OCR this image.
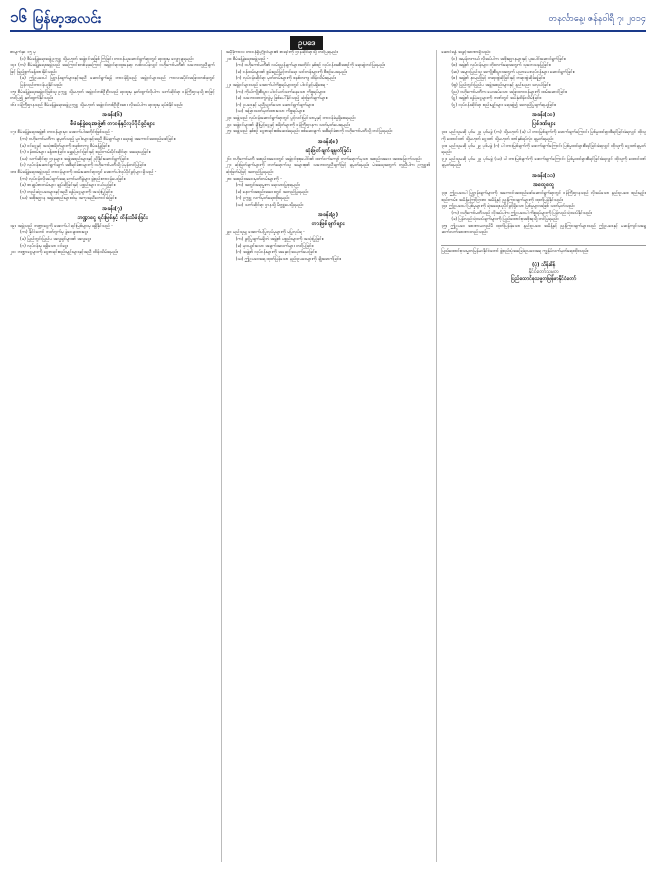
၁၆ မြန်မာ့အလင်း	တနင်္လာနေ့၊ ဇန်နဝါရီ ၇၊ ၂၀၁၄
ဥပဒေ

စာမျက်နှာ ၁၅ မှ

(င) စီမံခန့်ခွဲရေးအဖွဲ့ဥက္ကဋ္ဌ သို့မဟုတ် အဖွဲ့ဝင်အဖြစ် ကြံခြင်း တာဝန်ယူဆောင်ရွက်ရာတွင် ရာထူးမှ လျှော့ချရမည်။

၁၄။ (က) စီမံခန့်ခွဲရေးအဖွဲ့သည် အကြောင်းတစ်ခုခုကြောင့် အဖွဲ့ဝင်ရာထူးနေရာ လစ်လပ်ခဲ့လျှင် ဗဟိုကော်မတီ၏ သဘောတူညီချက်ဖြင့် ဖြည့်စွက်ခန့်ထားနိုင်သည်။

(ခ) ဤဥပဒေပါ ပြဋ္ဌာန်းချက်များနှင့်အညီ ဆောင်ရွက်ရန် တာဝန်ရှိသည့် အဖွဲ့ဝင်များသည် ကာလအပိုင်းအခြားတစ်ခုတွင် ပြန်လည်တာဝန်ယူနိုင်သည်။

၁၅။ စီမံခန့်ခွဲရေးအဖွဲ့ဝင်ဖြစ်သူ ဥက္ကဋ္ဌ သို့မဟုတ် အဖွဲ့ဝင်တစ်ဦးဦးသည် ရာထူးမှ နုတ်ထွက်လိုပါက သက်ဆိုင်ရာ ဝန်ကြီးဌာနသို့ စာဖြင့် တင်ပြ၍ နုတ်ထွက်နိုင်သည်။

၁၆။ ဝန်ကြီးဌာနသည် စီမံခန့်ခွဲရေးအဖွဲ့ဥက္ကဋ္ဌ သို့မဟုတ် အဖွဲ့ဝင်တစ်ဦးဦးအား လိုအပ်ပါက ရာထူးမှ ရပ်စဲနိုင်သည်။

အခန်း(၆)
စီမံခန့်ခွဲရေးအဖွဲ့၏ တာဝန်နှင့်လုပ်ပိုင်ခွင့်များ

၁၇။ စီမံခန့်ခွဲရေးအဖွဲ့၏ တာဝန်များမှာ အောက်ပါအတိုင်းဖြစ်သည် -

(က) ဗဟိုကော်မတီက ချမှတ်သည့် မူဝါဒများနှင့်အညီ စီမံချက်များ ရေးဆွဲ အကောင်အထည်ဖော်ခြင်း။

(ခ) ဝင်ငွေနှင့် အသုံးစရိတ်များကို စနစ်တကျ စီမံခန့်ခွဲခြင်း။

(ဂ) ဝန်ထမ်းများ ခန့်ထားခြင်း၊ ရွှေ့ပြောင်းခြင်းနှင့် စည်းကမ်းပိုင်းဆိုင်ရာ အရေးယူခြင်း။

(ဃ) သက်ဆိုင်ရာ ဌာနများ၊ အဖွဲ့အစည်းများနှင့် ညှိနှိုင်းဆောင်ရွက်ခြင်း။

(င) လုပ်ငန်းဆောင်ရွက်ချက် အစီရင်ခံစာများကို ဗဟိုကော်မတီသို့ ပုံမှန်တင်ပြခြင်း။

၁၈။ စီမံခန့်ခွဲရေးအဖွဲ့သည် တာဝန်များကို ထမ်းဆောင်ရာတွင် အောက်ပါလုပ်ပိုင်ခွင့်များ ရှိသည် -

(က) လုပ်ငန်းလိုအပ်ချက်အရ ကော်မတီခွဲများ ဖွဲ့စည်းတာဝန်ပေးခြင်း။

(ခ) စာချုပ်စာတမ်းများ ချုပ်ဆိုခြင်းနှင့် ပစ္စည်းများ ဝယ်ယူခြင်း။

(ဂ) တည်ဆဲဥပဒေများနှင့်အညီ ရန်ပုံငွေများကို အသုံးပြုခြင်း။

(ဃ) အစိုးရဌာန အဖွဲ့အစည်းများထံမှ အကူအညီတောင်းခံခြင်း။

အခန်း(၇)
ဘဏ္ဍာငွေ ရင်းမြစ်နှင့် ထိန်းသိမ်းခြင်း

၁၉။ အဖွဲ့သည် ဘဏ္ဍာငွေကို အောက်ပါ ရင်းမြစ်များမှ ရရှိနိုင်သည် -

(က) နိုင်ငံတော် ဘတ်ဂျက်မှ ခွဲဝေချထားငွေ။

(ခ) ပြည်တွင်းပြည်ပ အလှူရှင်များ၏ အလှူငွေ။

(ဂ) လုပ်ငန်းမှ ရရှိသော ဝင်ငွေ။

၂၀။ ဘဏ္ဍာငွေများကို ငွေစာရင်းစည်းမျဉ်းများနှင့်အညီ ထိန်းသိမ်းရမည်။

အမှီခိုကာလ တာဝန်ရှိပုဂ္ဂိုလ်များ၏ စာရင်းကို ဌာနဆိုင်ရာသို့ တင်ပြရမည်။

၂၁။ စီမံခန့်ခွဲရေးအဖွဲ့သည် -

(က) ဗဟိုကော်မတီ၏ လမ်းညွှန်ချက်များအတိုင်း နှစ်စဉ် လုပ်ငန်းအစီအစဉ်ကို ရေးဆွဲတင်ပြရမည်။

(ခ) ဝန်ထမ်းများ၏ စွမ်းရည်မြှင့်တင်ရေး သင်တန်းများကို စီစဉ်ပေးရမည်။

(ဂ) လုပ်ငန်းဆိုင်ရာ မှတ်တမ်းများကို စနစ်တကျ ထိန်းသိမ်းရမည်။

၂၂။ အဖွဲ့ဝင်များသည် အောက်ပါကိစ္စရပ်များတွင် ပါဝင်ခွင့်မရှိစေရ -

(က) ကိုယ်ကျိုးစီးပွား ပါဝင်ပတ်သက်နေသော ကိစ္စရပ်များ။

(ခ) သဘောထားကွဲလွဲမှု ဖြစ်ပေါ်နိုင်သည့် ဆုံးဖြတ်ချက်များ။

(ဂ) ဥပဒေနှင့် မညီညွတ်သော ဆောင်ရွက်ချက်များ။

(ဃ) အခြားသတ်မှတ်ထားသော ကိစ္စရပ်များ။

၂၃။ အဖွဲ့သည် လုပ်ငန်းဆောင်ရွက်ရာတွင် ပွင့်လင်းမြင်သာမှုနှင့် တာဝန်ခံမှုရှိစေရမည်။

၂၄။ အဖွဲ့ဝင်များ၏ ချီးမြှင့်ငွေနှင့် စရိတ်များကို ဝန်ကြီးဌာနက သတ်မှတ်ပေးရမည်။

၂၅။ အဖွဲ့သည် နှစ်စဉ် ငွေစာရင်းစစ်ဆေးခံရမည်။ စစ်ဆေးချက် အစီရင်ခံစာကို ဗဟိုကော်မတီသို့ တင်ပြရမည်။

အခန်း(၈)
ဆုံးဖြတ်ချက်ချမှတ်ခြင်း

၂၆။ ဗဟိုကော်မတီ အစည်းအဝေးတွင် အဖွဲ့ဝင်စုစုပေါင်း၏ ထက်ဝက်ကျော် တက်ရောက်မှသာ အစည်းအဝေး အထမြောက်သည်။

၂၇။ ဆုံးဖြတ်ချက်များကို တက်ရောက်သူ အများစု၏ သဘောတူညီချက်ဖြင့် ချမှတ်ရမည်။ မဲအရေအတွက် တူညီပါက ဥက္ကဋ္ဌ၏ ဆုံးဖြတ်မဲဖြင့် အတည်ပြုရမည်။

၂၈။ အစည်းအဝေးမှတ်တမ်းများကို -

(က) အတွင်းရေးမှူးက ရေးသားပြုစုရမည်။

(ခ) နောက်အစည်းအဝေးတွင် အတည်ပြုရမည်။

(ဂ) ဥက္ကဋ္ဌ လက်မှတ်ရေးထိုးရမည်။

(ဃ) သက်ဆိုင်ရာ ဌာနသို့ မိတ္တူပေးပို့ရမည်။

အခန်း(၉)
တားမြစ်ချက်များ

၂၉။ မည်သူမျှ အောက်ပါပြုလုပ်မှုများကို မပြုလုပ်ရ -

(က) ခွင့်ပြုချက်မရှိဘဲ အဖွဲ့၏ ပစ္စည်းများကို အသုံးပြုခြင်း။

(ခ) မှားယွင်းသော အချက်အလက်များ တင်ပြခြင်း။

(ဂ) အဖွဲ့၏ လုပ်ငန်းများကို အနှောင့်အယှက်ပေးခြင်း။

(ဃ) ဤဥပဒေအရ ထုတ်ပြန်သော နည်းဥပဒေများကို ချိုးဖောက်ခြင်း။

ဆောင်ရန် အခွင့်အာဏာရှိသည်။

(င) အမှန်တကယ် လိုအပ်ပါက အစိုးရဌာနများနှင့် ပူးပေါင်းဆောင်ရွက်ခြင်း။

(စ) အဖွဲ့၏ လုပ်ငန်းများ တိုးတက်ရေးအတွက် သုတေသနပြုခြင်း။

(ဆ) အများပြည်သူ အကျိုးစီးပွားအတွက် ပညာပေးလုပ်ငန်းများ ဆောင်ရွက်ခြင်း။

(ဇ) အဖွဲ့၏ နာမည်ဖြင့် တရားစွဲဆိုခြင်းနှင့် တရားစွဲဆိုခံရခြင်း။

(ဈ) ပြည်တွင်းပြည်ပ အဖွဲ့အစည်းများနှင့် နည်းပညာ ဖလှယ်ခြင်း။

(ည) ဗဟိုကော်မတီက ပေးအပ်သော အခြားတာဝန်များကို ထမ်းဆောင်ခြင်း။

(ဋ) အဖွဲ့၏ ရန်ပုံငွေများကို ဘဏ်တွင် အပ်နှံထိန်းသိမ်းခြင်း။

(ဌ) လုပ်ငန်းဆိုင်ရာ စည်းမျဉ်းများ ရေးဆွဲ၍ အတည်ပြုချက်ရယူခြင်း။

အခန်း(၁၀)
ပြစ်ဒဏ်များ

၃၀။ မည်သူမဆို ပုဒ်မ ၂၉ ပုဒ်မခွဲ (က) သို့မဟုတ် (ခ) ပါ တားမြစ်ချက်ကို ဖောက်ဖျက်ကြောင်း ပြစ်မှုထင်ရှားစီရင်ခြင်းခံရလျှင် ထိုသူကို ထောင်ဒဏ် သို့မဟုတ် ငွေဒဏ် သို့မဟုတ် ဒဏ်နှစ်ရပ်လုံး ချမှတ်ရမည်။

၃၁။ မည်သူမဆို ပုဒ်မ ၂၉ ပုဒ်မခွဲ (ဂ) ပါ တားမြစ်ချက်ကို ဖောက်ဖျက်ကြောင်း ပြစ်မှုထင်ရှားစီရင်ခြင်းခံရလျှင် ထိုသူကို ငွေဒဏ်ချမှတ်ရမည်။

၃၂။ မည်သူမဆို ပုဒ်မ ၂၉ ပုဒ်မခွဲ (ဃ) ပါ တားမြစ်ချက်ကို ဖောက်ဖျက်ကြောင်း ပြစ်မှုထင်ရှားစီရင်ခြင်းခံရလျှင် ထိုသူကို ထောင်ဒဏ်ချမှတ်ရမည်။

အခန်း(၁၁)
အထွေထွေ

၃၃။ ဤဥပဒေပါ ပြဋ္ဌာန်းချက်များကို အကောင်အထည်ဖော်ဆောင်ရွက်ရာတွင် ဝန်ကြီးဌာနသည် လိုအပ်သော နည်းဥပဒေ၊ စည်းမျဉ်း၊ စည်းကမ်း၊ အမိန့်ကြော်ငြာစာ၊ အမိန့်နှင့် ညွှန်ကြားချက်များကို ထုတ်ပြန်နိုင်သည်။

၃၄။ ဤဥပဒေပါ ပြစ်မှုများကို ရဲအရေးယူပိုင်ခွင့်ရှိသော ပြစ်မှုများအဖြစ် သတ်မှတ်သည်။

(က) ဗဟိုကော်မတီသည် လိုအပ်ပါက ဤဥပဒေပါ ကိစ္စရပ်များကို ပြန်လည်သုံးသပ်နိုင်သည်။

(ခ) ပြန်လည်သုံးသပ်ချက်များကို ပြည်ထောင်စုအစိုးရသို့ တင်ပြရမည်။

၃၅။ ဤဥပဒေ အာဏာမတည်မီ ထုတ်ပြန်ခဲ့သော နည်းဥပဒေ၊ အမိန့်နှင့် ညွှန်ကြားချက်များသည် ဤဥပဒေနှင့် မဆန့်ကျင်သရွေ့ ဆက်လက်အာဏာတည်သည်။

ပြည်ထောင်စုသမ္မတမြန်မာနိုင်ငံတော် ဖွဲ့စည်းပုံအခြေခံဥပဒေအရ ကျွန်ုပ်လက်မှတ်ရေးထိုးသည်။
(ပုံ) သိန်းစိန်
နိုင်ငံတော်သမ္မတ
ပြည်ထောင်စုသမ္မတမြန်မာနိုင်ငံတော်
